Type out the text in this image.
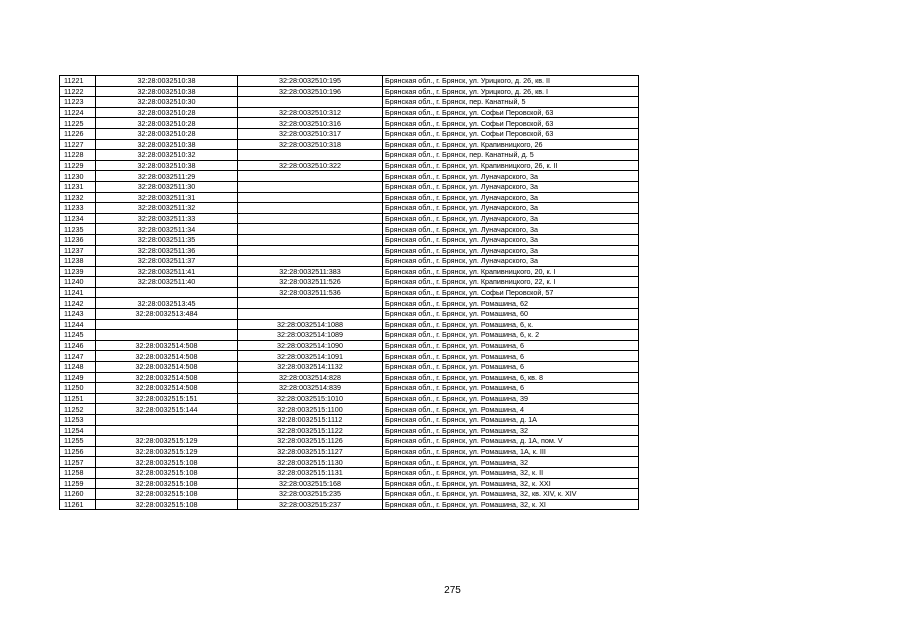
11221	32:28:0032510:38	32:28:0032510:195	Брянская обл., г. Брянск, ул. Урицкого, д. 26, кв. II
11222	32:28:0032510:38	32:28:0032510:196	Брянская обл., г. Брянск, ул. Урицкого, д. 26, кв. I
11223	32:28:0032510:30		Брянская обл., г. Брянск, пер. Канатный, 5
11224	32:28:0032510:28	32:28:0032510:312	Брянская обл., г. Брянск, ул. Софьи Перовской, 63
11225	32:28:0032510:28	32:28:0032510:316	Брянская обл., г. Брянск, ул. Софьи Перовской, 63
11226	32:28:0032510:28	32:28:0032510:317	Брянская обл., г. Брянск, ул. Софьи Перовской, 63
11227	32:28:0032510:38	32:28:0032510:318	Брянская обл., г. Брянск, ул. Крапивницкого, 26
11228	32:28:0032510:32		Брянская обл., г. Брянск, пер. Канатный, д. 5
11229	32:28:0032510:38	32:28:0032510:322	Брянская обл., г. Брянск, ул. Крапивницкого, 26, к. II
11230	32:28:0032511:29		Брянская обл., г. Брянск, ул. Луначарского, 3а
11231	32:28:0032511:30		Брянская обл., г. Брянск, ул. Луначарского, 3а
11232	32:28:0032511:31		Брянская обл., г. Брянск, ул. Луначарского, 3а
11233	32:28:0032511:32		Брянская обл., г. Брянск, ул. Луначарского, 3а
11234	32:28:0032511:33		Брянская обл., г. Брянск, ул. Луначарского, 3а
11235	32:28:0032511:34		Брянская обл., г. Брянск, ул. Луначарского, 3а
11236	32:28:0032511:35		Брянская обл., г. Брянск, ул. Луначарского, 3а
11237	32:28:0032511:36		Брянская обл., г. Брянск, ул. Луначарского, 3а
11238	32:28:0032511:37		Брянская обл., г. Брянск, ул. Луначарского, 3а
11239	32:28:0032511:41	32:28:0032511:383	Брянская обл., г. Брянск, ул. Крапивницкого, 20, к. I
11240	32:28:0032511:40	32:28:0032511:526	Брянская обл., г. Брянск, ул. Крапивницкого, 22, к. I
11241		32:28:0032511:536	Брянская обл., г. Брянск, ул. Софьи Перовской, 57
11242	32:28:0032513:45		Брянская обл., г. Брянск, ул. Ромашина, 62
11243	32:28:0032513:484		Брянская обл., г. Брянск, ул. Ромашина, 60
11244		32:28:0032514:1088	Брянская обл., г. Брянск, ул. Ромашина, 6, к.
11245		32:28:0032514:1089	Брянская обл., г. Брянск, ул. Ромашина, 6, к. 2
11246	32:28:0032514:508	32:28:0032514:1090	Брянская обл., г. Брянск, ул. Ромашина, 6
11247	32:28:0032514:508	32:28:0032514:1091	Брянская обл., г. Брянск, ул. Ромашина, 6
11248	32:28:0032514:508	32:28:0032514:1132	Брянская обл., г. Брянск, ул. Ромашина, 6
11249	32:28:0032514:508	32:28:0032514:828	Брянская обл., г. Брянск, ул. Ромашина, 6, кв. 8
11250	32:28:0032514:508	32:28:0032514:839	Брянская обл., г. Брянск, ул. Ромашина, 6
11251	32:28:0032515:151	32:28:0032515:1010	Брянская обл., г. Брянск, ул. Ромашина, 39
11252	32:28:0032515:144	32:28:0032515:1100	Брянская обл., г. Брянск, ул. Ромашина, 4
11253		32:28:0032515:1112	Брянская обл., г. Брянск, ул. Ромашина, д. 1А
11254		32:28:0032515:1122	Брянская обл., г. Брянск, ул. Ромашина, 32
11255	32:28:0032515:129	32:28:0032515:1126	Брянская обл., г. Брянск, ул. Ромашина, д. 1А, пом. V
11256	32:28:0032515:129	32:28:0032515:1127	Брянская обл., г. Брянск, ул. Ромашина, 1А, к. III
11257	32:28:0032515:108	32:28:0032515:1130	Брянская обл., г. Брянск, ул. Ромашина, 32
11258	32:28:0032515:108	32:28:0032515:1131	Брянская обл., г. Брянск, ул. Ромашина, 32, к. II
11259	32:28:0032515:108	32:28:0032515:168	Брянская обл., г. Брянск, ул. Ромашина, 32, к. XXI
11260	32:28:0032515:108	32:28:0032515:235	Брянская обл., г. Брянск, ул. Ромашина, 32, кв. XIV, к. XIV
11261	32:28:0032515:108	32:28:0032515:237	Брянская обл., г. Брянск, ул. Ромашина, 32, к. XI
275
